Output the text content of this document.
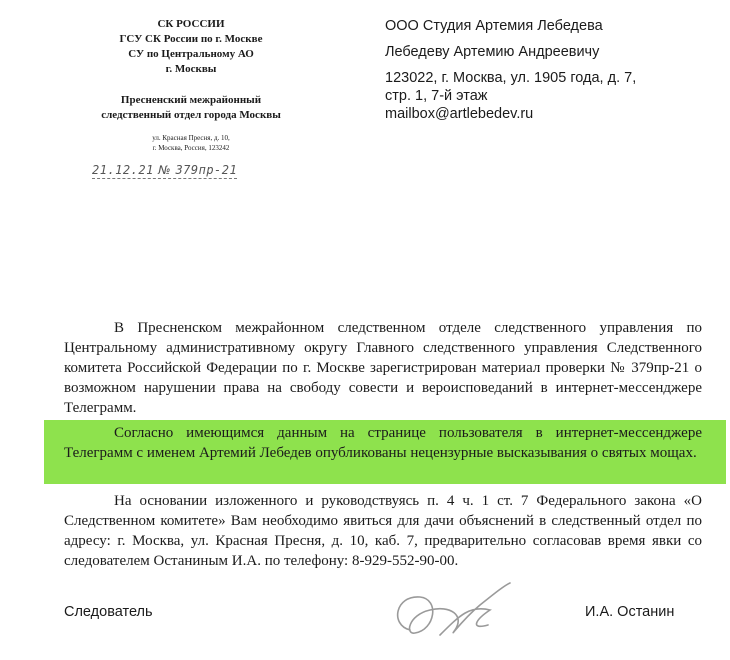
СК РОССИИ
ГСУ СК России по г. Москве
СУ по Центральному АО
г. Москвы
Пресненский межрайонный
следственный отдел города Москвы
ул. Красная Пресня, д. 10,
г. Москва, Россия, 123242
21.12.21 № 379пр-21
ООО Студия Артемия Лебедева
Лебедеву Артемию Андреевичу
123022, г. Москва, ул. 1905 года, д. 7,
стр. 1, 7-й этаж
mailbox@artlebedev.ru

В Пресненском межрайонном следственном отделе следственного управления по Центральному административному округу Главного следственного управления Следственного комитета Российской Федерации по г. Москве зарегистрирован материал проверки № 379пр-21 о возможном нарушении права на свободу совести и вероисповеданий в интернет-мессенджере Телеграмм.

Согласно имеющимся данным на странице пользователя в интернет-мессенджере Телеграмм с именем Артемий Лебедев опубликованы нецензурные высказывания о святых мощах.

На основании изложенного и руководствуясь п. 4 ч. 1 ст. 7 Федерального закона «О Следственном комитете» Вам необходимо явиться для дачи объяснений в следственный отдел по адресу: г. Москва, ул. Красная Пресня, д. 10, каб. 7, предварительно согласовав время явки со следователем Останиным И.А. по телефону: 8-929-552-90-00.

Следователь	И.А. Останин
